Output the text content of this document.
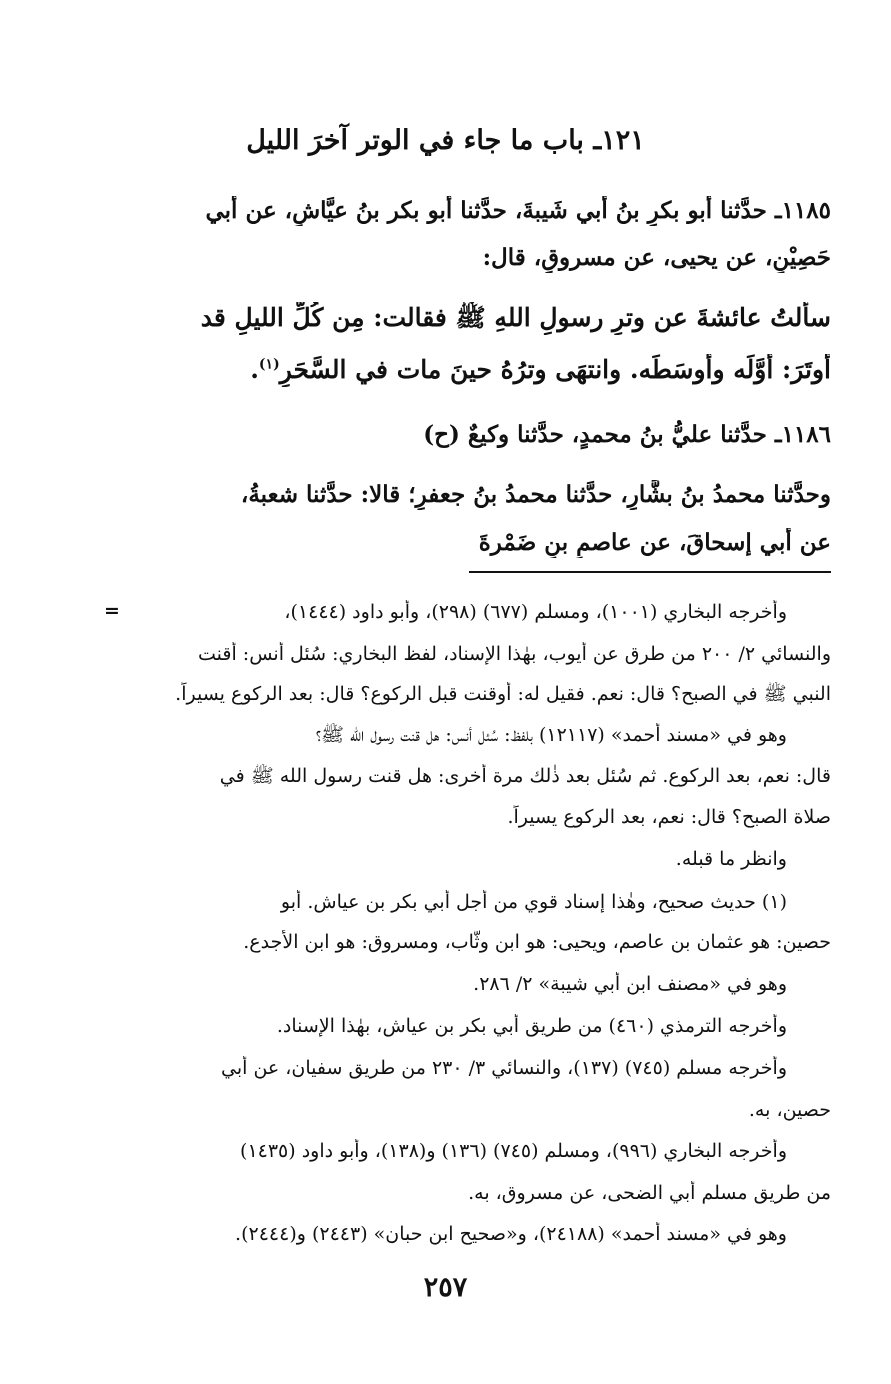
١٢١ـ باب ما جاء في الوتر آخرَ الليل
١١٨٥ـ حدَّثنا أبو بكرِ بنُ أبي شَيبةَ، حدَّثنا أبو بكر بنُ عيَّاشٍ، عن أبي
حَصِيْنٍ، عن يحيى، عن مسروقٍ، قال:
سألتُ عائشةَ عن وترِ رسولِ اللهِ ﷺ فقالت: مِن كُلِّ الليلِ قد
أوتَرَ: أوَّلَه وأوسَطَه. وانتهَى وترُهُ حينَ مات في السَّحَرِ$^{(١)}$.
١١٨٦ـ حدَّثنا عليُّ بنُ محمدٍ، حدَّثنا وكيعٌ (ح)
وحدَّثنا محمدُ بنُ بشَّارٍ، حدَّثنا محمدُ بنُ جعفرٍ؛ قالا: حدَّثنا شعبةُ،
عن أبي إسحاقَ، عن عاصمِ بنِ ضَمْرةَ
=	وأخرجه البخاري (١٠٠١)، ومسلم (٦٧٧) (٢٩٨)، وأبو داود (١٤٤٤)،
والنسائي ٢/ ٢٠٠ من طرق عن أيوب، بهٰذا الإسناد، لفظ البخاري: سُئل أنس: أقنت
النبي ﷺ في الصبح؟ قال: نعم. فقيل له: أوقنت قبل الركوع؟ قال: بعد الركوع يسيراً.
وهو في «مسند أحمد» (١٢١١٧) بلفظ: سُئل أنس: هل قنت رسول الله ﷺ؟
قال: نعم، بعد الركوع. ثم سُئل بعد ذٰلك مرة أخرى: هل قنت رسول الله ﷺ في
صلاة الصبح؟ قال: نعم، بعد الركوع يسيراً.
وانظر ما قبله.
(١) حديث صحيح، وهٰذا إسناد قوي من أجل أبي بكر بن عياش. أبو
حصين: هو عثمان بن عاصم، ويحيى: هو ابن وثَّاب، ومسروق: هو ابن الأجدع.
وهو في «مصنف ابن أبي شيبة» ٢/ ٢٨٦.
وأخرجه الترمذي (٤٦٠) من طريق أبي بكر بن عياش، بهٰذا الإسناد.
وأخرجه مسلم (٧٤٥) (١٣٧)، والنسائي ٣/ ٢٣٠ من طريق سفيان، عن أبي
حصين، به.
وأخرجه البخاري (٩٩٦)، ومسلم (٧٤٥) (١٣٦) و(١٣٨)، وأبو داود (١٤٣٥)
من طريق مسلم أبي الضحى، عن مسروق، به.
وهو في «مسند أحمد» (٢٤١٨٨)، و«صحيح ابن حبان» (٢٤٤٣) و(٢٤٤٤).
٢٥٧
